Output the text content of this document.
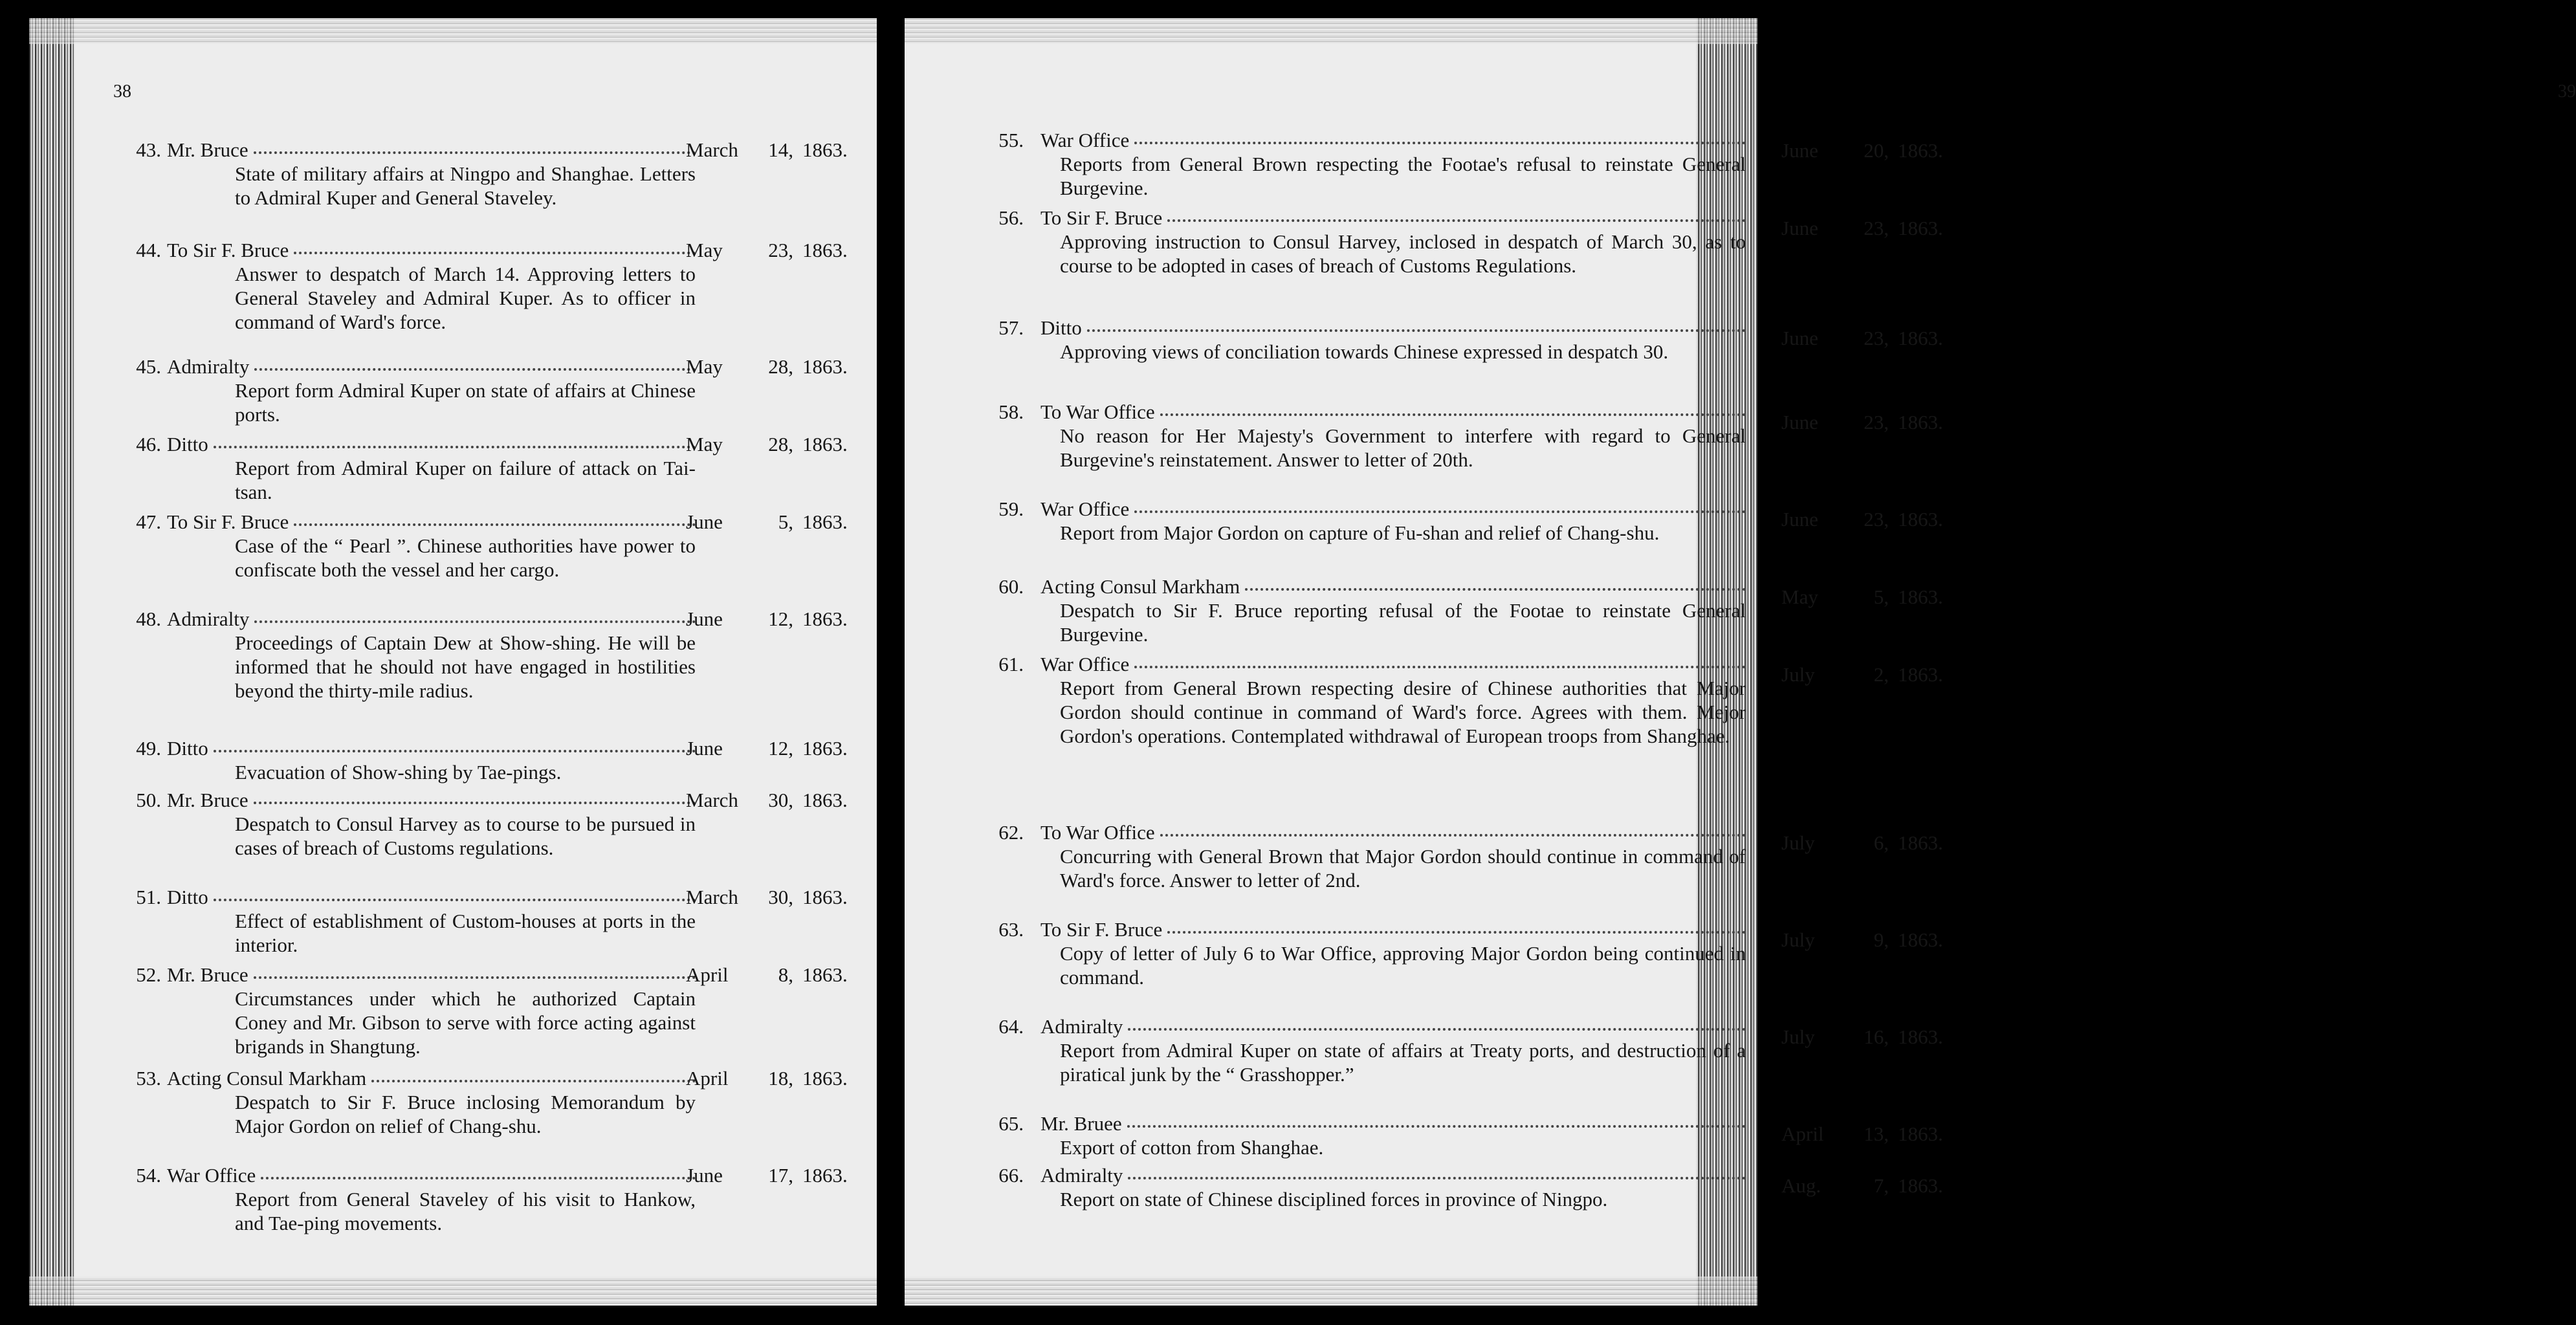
38
43. Mr. Bruce
State of military affairs at Ningpo and Shanghae. Letters to Admiral Kuper and General Staveley.
March 14, 1863.
44. To Sir F. Bruce
Answer to despatch of March 14. Approving letters to General Staveley and Admiral Kuper. As to officer in command of Ward's force.
May 23, 1863.
45. Admiralty
Report form Admiral Kuper on state of affairs at Chinese ports.
May 28, 1863.
46. Ditto
Report from Admiral Kuper on failure of attack on Tai-tsan.
May 28, 1863.
47. To Sir F. Bruce
Case of the “ Pearl ”. Chinese authorities have power to confiscate both the vessel and her cargo.
June	5, 1863.
48. Admiralty
Proceedings of Captain Dew at Show-shing. He will be informed that he should not have engaged in hostilities beyond the thirty-mile radius.
June 12, 1863.
49. Ditto
Evacuation of Show-shing by Tae-pings.
June 12, 1863.
50. Mr. Bruce
Despatch to Consul Harvey as to course to be pursued in cases of breach of Customs regulations.
March 30, 1863.
51. Ditto
Effect of establishment of Custom-houses at ports in the interior.
March 30, 1863.
52. Mr. Bruce
Circumstances under which he authorized Captain Coney and Mr. Gibson to serve with force acting against brigands in Shangtung.
April 8, 1863.
53. Acting Consul Markham
Despatch to Sir F. Bruce inclosing Memorandum by Major Gordon on relief of Chang-shu.
April 18, 1863.
54. War Office
Report from General Staveley of his visit to Hankow, and Tae-ping movements.
June 17, 1863.
39
55. War Office
Reports from General Brown respecting the Footae's refusal to reinstate General Burgevine.
June 20, 1863.
56. To Sir F. Bruce
Approving instruction to Consul Harvey, inclosed in despatch of March 30, as to course to be adopted in cases of breach of Customs Regulations.
June 23, 1863.
57. Ditto
Approving views of conciliation towards Chinese expressed in despatch 30.
June 23, 1863.
58. To War Office
No reason for Her Majesty's Government to interfere with regard to General Burgevine's reinstatement. Answer to letter of 20th.
June 23, 1863.
59. War Office
Report from Major Gordon on capture of Fu-shan and relief of Chang-shu.
June 23, 1863.
60. Acting Consul Markham
Despatch to Sir F. Bruce reporting refusal of the Footae to reinstate General Burgevine.
May	5, 1863.
61. War Office
Report from General Brown respecting desire of Chinese authorities that Major Gordon should continue in command of Ward's force. Agrees with them. Mejor Gordon's operations. Contemplated withdrawal of European troops from Shanghae.
July	2, 1863.
62. To War Office
Concurring with General Brown that Major Gordon should continue in command of Ward's force. Answer to letter of 2nd.
July	6, 1863.
63. To Sir F. Bruce
Copy of letter of July 6 to War Office, approving Major Gordon being continued in command.
July	9, 1863.
64. Admiralty
Report from Admiral Kuper on state of affairs at Treaty ports, and destruction of a piratical junk by the “ Grasshopper.”
July 16, 1863.
65. Mr. Bruee
Export of cotton from Shanghae.
April 13, 1863.
66. Admiralty
Report on state of Chinese disciplined forces in province of Ningpo.
Aug.	7, 1863.
